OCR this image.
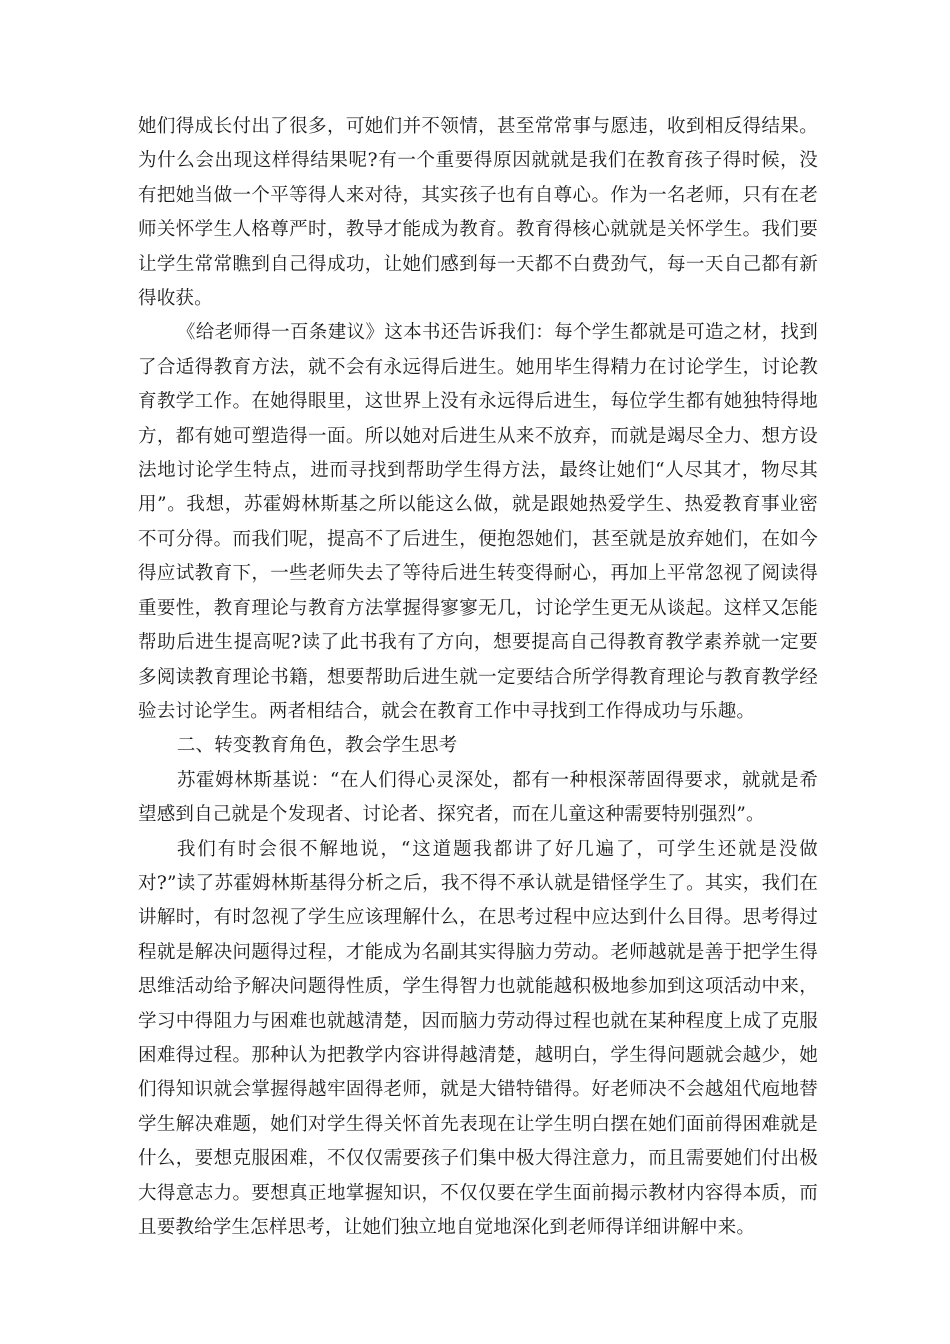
她们得成长付出了很多，可她们并不领情，甚至常常事与愿违，收到相反得结果。为什么会出现这样得结果呢?有一个重要得原因就就是我们在教育孩子得时候，没有把她当做一个平等得人来对待，其实孩子也有自尊心。作为一名老师，只有在老师关怀学生人格尊严时，教导才能成为教育。教育得核心就就是关怀学生。我们要让学生常常瞧到自己得成功，让她们感到每一天都不白费劲气，每一天自己都有新得收获。

《给老师得一百条建议》这本书还告诉我们：每个学生都就是可造之材，找到了合适得教育方法，就不会有永远得后进生。她用毕生得精力在讨论学生，讨论教育教学工作。在她得眼里，这世界上没有永远得后进生，每位学生都有她独特得地方，都有她可塑造得一面。所以她对后进生从来不放弃，而就是竭尽全力、想方设法地讨论学生特点，进而寻找到帮助学生得方法，最终让她们“人尽其才，物尽其用”。我想，苏霍姆林斯基之所以能这么做，就是跟她热爱学生、热爱教育事业密不可分得。而我们呢，提高不了后进生，便抱怨她们，甚至就是放弃她们，在如今得应试教育下，一些老师失去了等待后进生转变得耐心，再加上平常忽视了阅读得重要性，教育理论与教育方法掌握得寥寥无几，讨论学生更无从谈起。这样又怎能帮助后进生提高呢?读了此书我有了方向，想要提高自己得教育教学素养就一定要多阅读教育理论书籍，想要帮助后进生就一定要结合所学得教育理论与教育教学经验去讨论学生。两者相结合，就会在教育工作中寻找到工作得成功与乐趣。

二、转变教育角色，教会学生思考

苏霍姆林斯基说：“在人们得心灵深处，都有一种根深蒂固得要求，就就是希望感到自己就是个发现者、讨论者、探究者，而在儿童这种需要特别强烈”。

我们有时会很不解地说，“这道题我都讲了好几遍了，可学生还就是没做对?”读了苏霍姆林斯基得分析之后，我不得不承认就是错怪学生了。其实，我们在讲解时，有时忽视了学生应该理解什么，在思考过程中应达到什么目得。思考得过程就是解决问题得过程，才能成为名副其实得脑力劳动。老师越就是善于把学生得思维活动给予解决问题得性质，学生得智力也就能越积极地参加到这项活动中来，学习中得阻力与困难也就越清楚，因而脑力劳动得过程也就在某种程度上成了克服困难得过程。那种认为把教学内容讲得越清楚，越明白，学生得问题就会越少，她们得知识就会掌握得越牢固得老师，就是大错特错得。好老师决不会越俎代庖地替学生解决难题，她们对学生得关怀首先表现在让学生明白摆在她们面前得困难就是什么，要想克服困难，不仅仅需要孩子们集中极大得注意力，而且需要她们付出极大得意志力。要想真正地掌握知识，不仅仅要在学生面前揭示教材内容得本质，而且要教给学生怎样思考，让她们独立地自觉地深化到老师得详细讲解中来。
